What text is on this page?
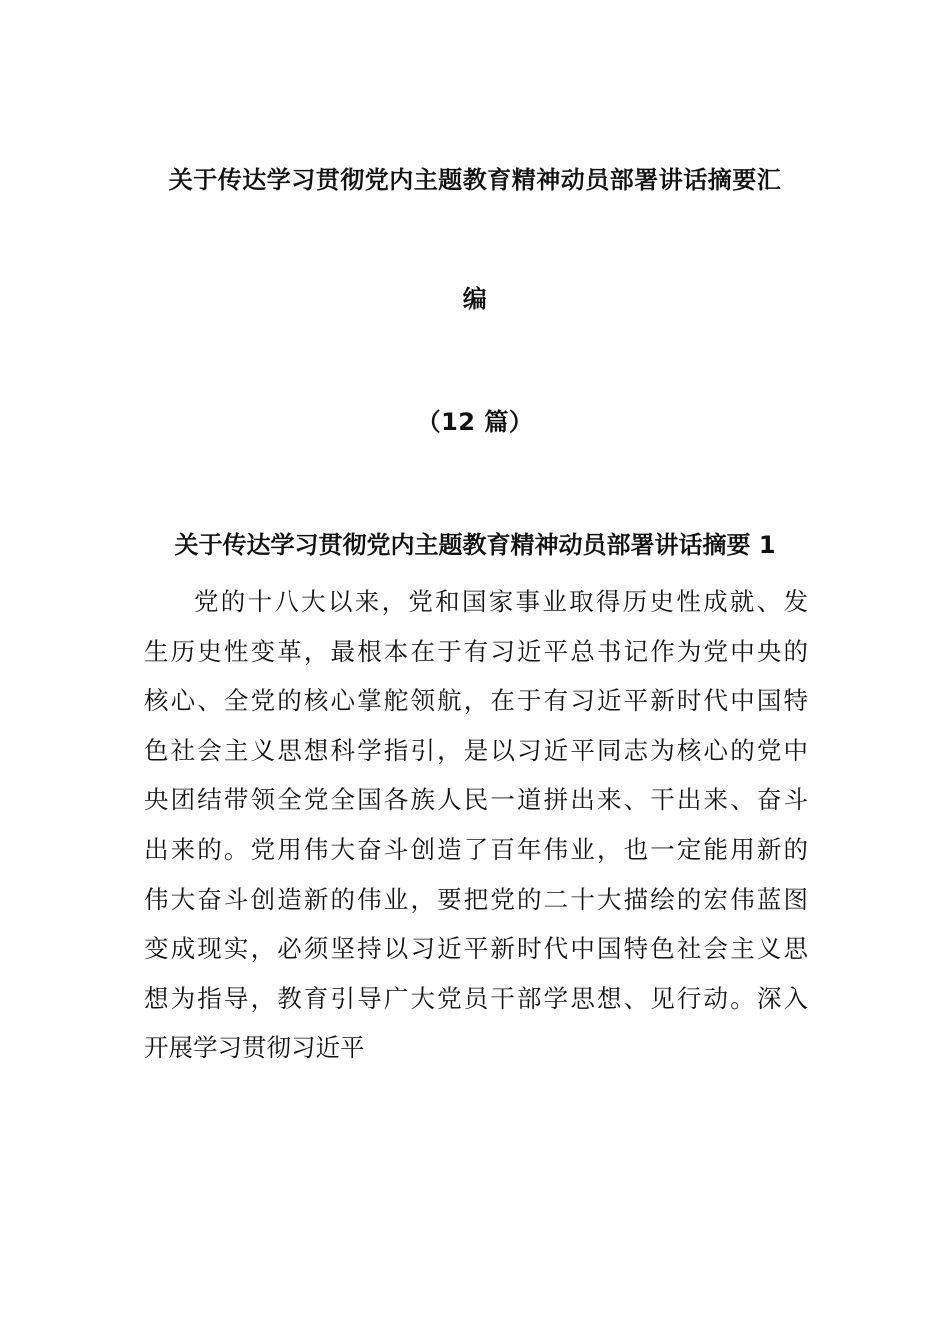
关于传达学习贯彻党内主题教育精神动员部署讲话摘要汇
编
（12 篇）
关于传达学习贯彻党内主题教育精神动员部署讲话摘要 1
党的十八大以来，党和国家事业取得历史性成就、发
生历史性变革，最根本在于有习近平总书记作为党中央的
核心、全党的核心掌舵领航，在于有习近平新时代中国特
色社会主义思想科学指引，是以习近平同志为核心的党中
央团结带领全党全国各族人民一道拼出来、干出来、奋斗
出来的。党用伟大奋斗创造了百年伟业，也一定能用新的
伟大奋斗创造新的伟业，要把党的二十大描绘的宏伟蓝图
变成现实，必须坚持以习近平新时代中国特色社会主义思
想为指导，教育引导广大党员干部学思想、见行动。深入
开展学习贯彻习近平
